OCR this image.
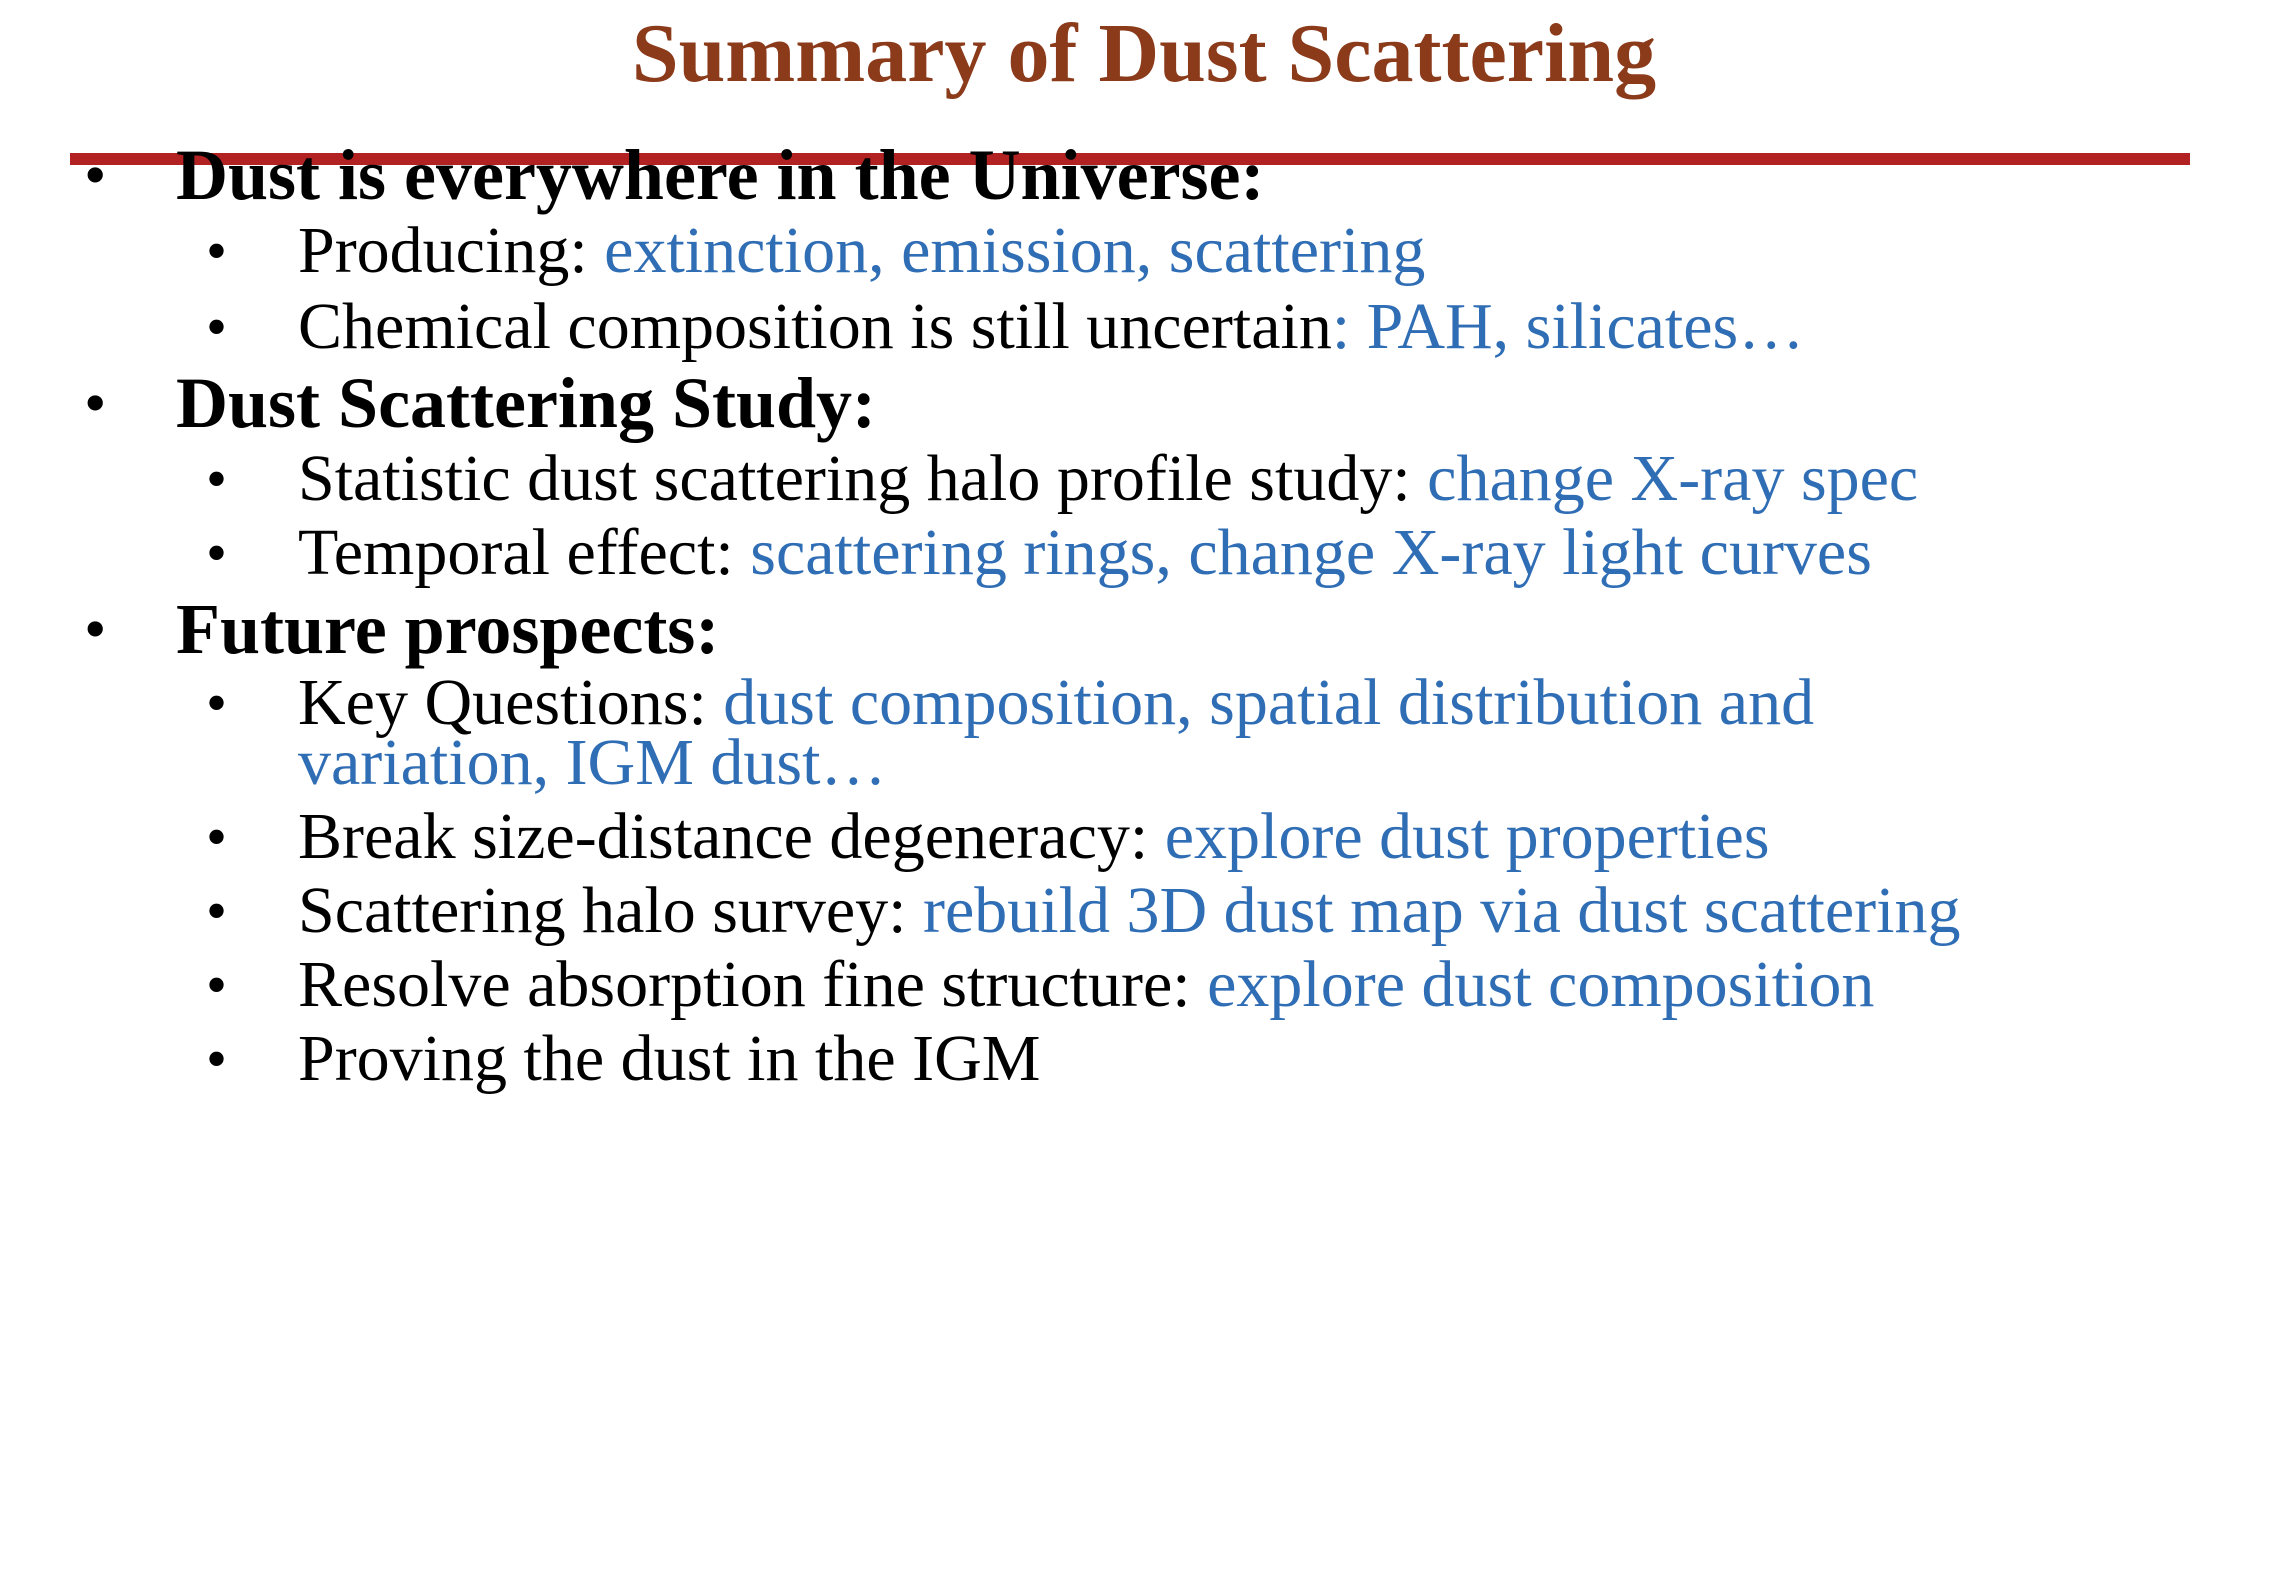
Summary of Dust Scattering
• Dust is everywhere in the Universe:
• Producing: extinction, emission, scattering
• Chemical composition is still uncertain: PAH, silicates…
• Dust Scattering Study:
• Statistic dust scattering halo profile study: change X-ray spec
• Temporal effect: scattering rings, change X-ray light curves
• Future prospects:
• Key Questions: dust composition, spatial distribution and
variation, IGM dust…
• Break size-distance degeneracy: explore dust properties
• Scattering halo survey: rebuild 3D dust map via dust scattering
• Resolve absorption fine structure: explore dust composition
• Proving the dust in the IGM
